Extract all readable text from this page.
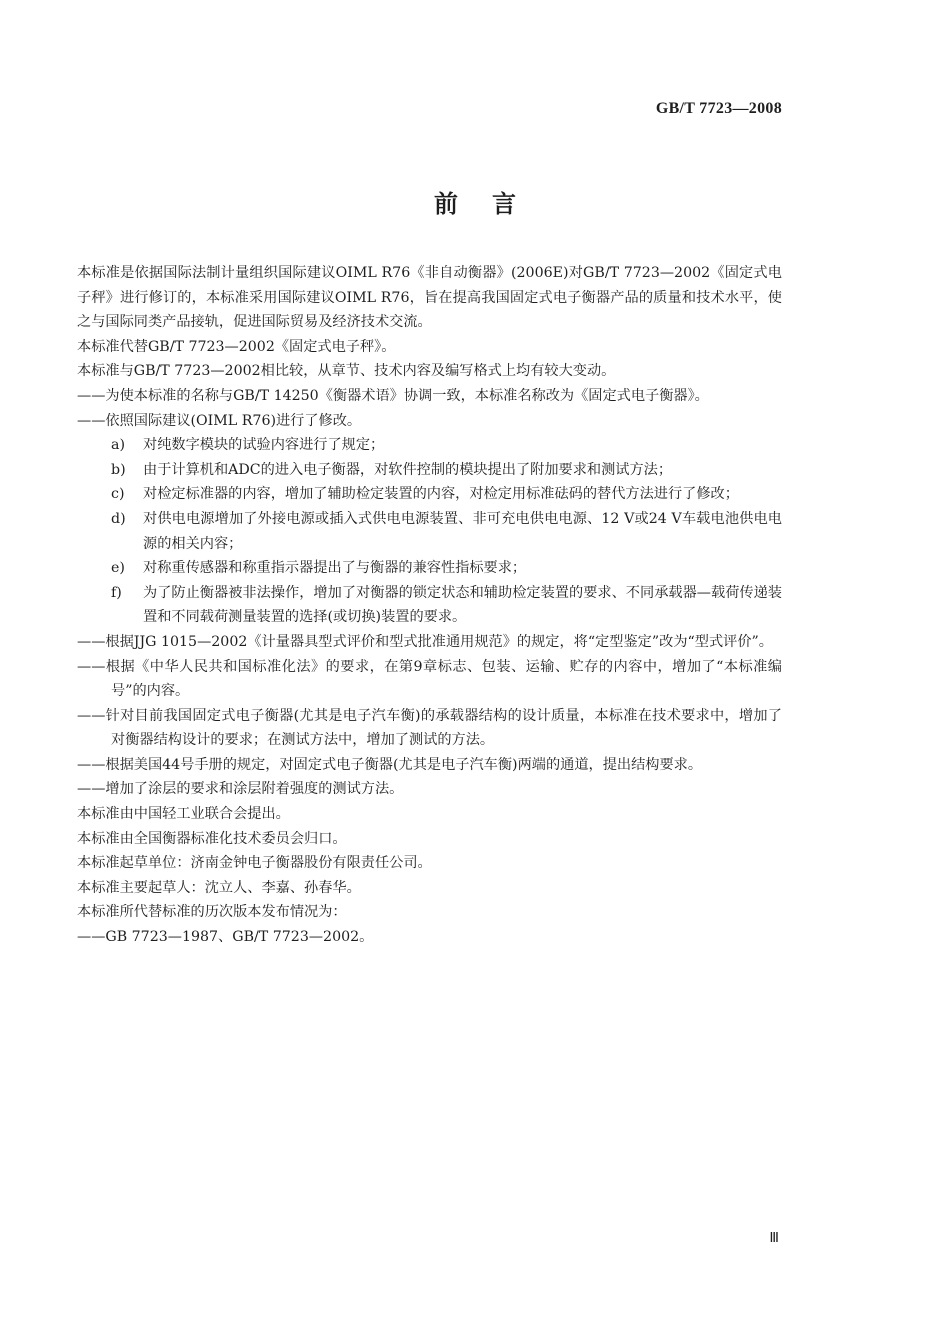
GB/T 7723—2008
前言

本标准是依据国际法制计量组织国际建议OIML R76《非自动衡器》(2006E)对GB/T 7723—2002《固定式电子秤》进行修订的，本标准采用国际建议OIML R76，旨在提高我国固定式电子衡器产品的质量和技术水平，使之与国际同类产品接轨，促进国际贸易及经济技术交流。

本标准代替GB/T 7723—2002《固定式电子秤》。

本标准与GB/T 7723—2002相比较，从章节、技术内容及编写格式上均有较大变动。

——为使本标准的名称与GB/T 14250《衡器术语》协调一致，本标准名称改为《固定式电子衡器》。

——依照国际建议(OIML R76)进行了修改。

a) 对纯数字模块的试验内容进行了规定；
b) 由于计算机和ADC的进入电子衡器，对软件控制的模块提出了附加要求和测试方法；
c) 对检定标准器的内容，增加了辅助检定装置的内容，对检定用标准砝码的替代方法进行了修改；
d) 对供电电源增加了外接电源或插入式供电电源装置、非可充电供电电源、12 V或24 V车载电池供电电源的相关内容；
e) 对称重传感器和称重指示器提出了与衡器的兼容性指标要求；
f) 为了防止衡器被非法操作，增加了对衡器的锁定状态和辅助检定装置的要求、不同承载器—载荷传递装置和不同载荷测量装置的选择(或切换)装置的要求。

——根据JJG 1015—2002《计量器具型式评价和型式批准通用规范》的规定，将“定型鉴定”改为“型式评价”。

——根据《中华人民共和国标准化法》的要求，在第9章标志、包装、运输、贮存的内容中，增加了“本标准编号”的内容。

——针对目前我国固定式电子衡器(尤其是电子汽车衡)的承载器结构的设计质量，本标准在技术要求中，增加了对衡器结构设计的要求；在测试方法中，增加了测试的方法。

——根据美国44号手册的规定，对固定式电子衡器(尤其是电子汽车衡)两端的通道，提出结构要求。

——增加了涂层的要求和涂层附着强度的测试方法。

本标准由中国轻工业联合会提出。

本标准由全国衡器标准化技术委员会归口。

本标准起草单位：济南金钟电子衡器股份有限责任公司。

本标准主要起草人：沈立人、李嘉、孙春华。

本标准所代替标准的历次版本发布情况为：

——GB 7723—1987、GB/T 7723—2002。

Ⅲ
